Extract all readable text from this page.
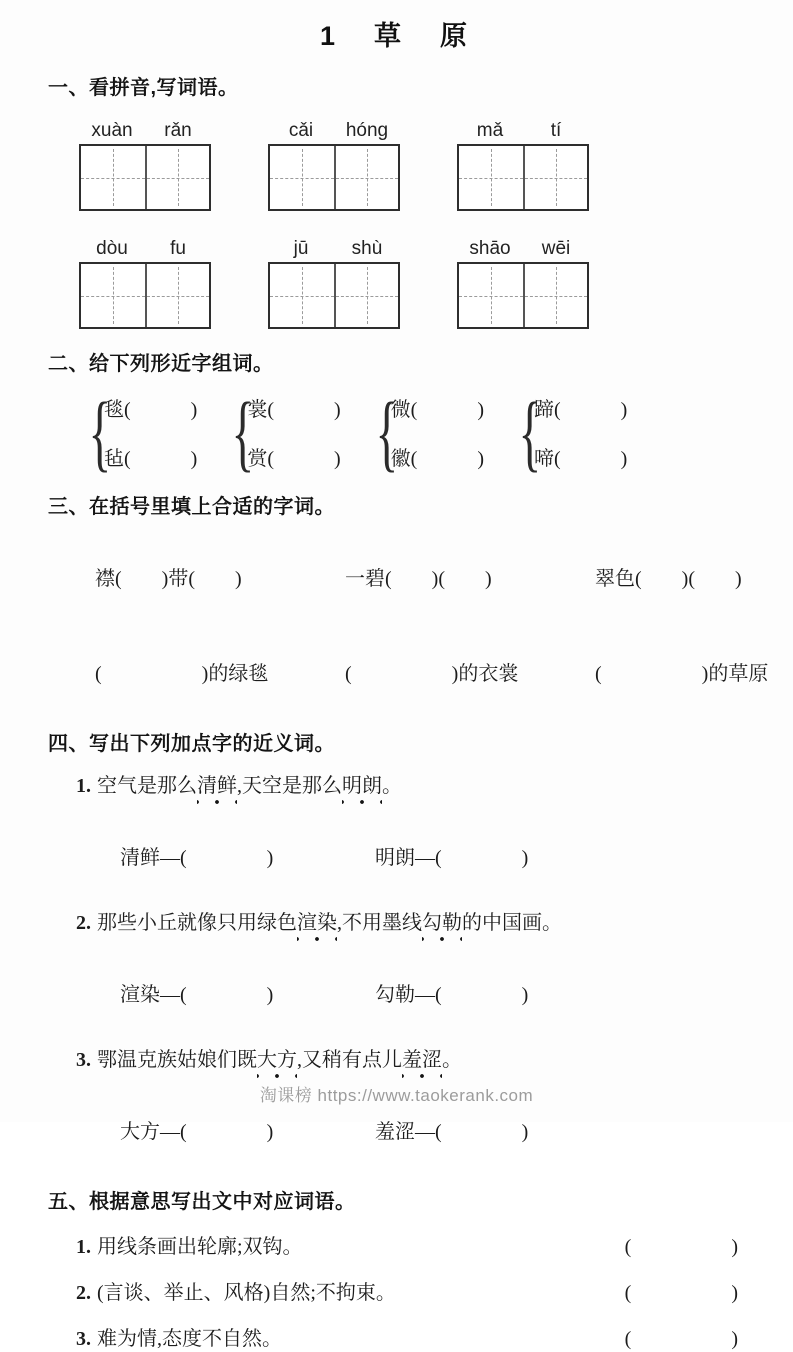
1　草　原
一、看拼音,写词语。
xuàn	rǎn	cǎi	hóng	mǎ	tí
dòu	fu	jū	shù	shāo	wēi
二、给下列形近字组词。
{
毯(　　　)
毡(　　　) {
裳(　　　)
赏(　　　) {
微(　　　)
徽(　　　) {
蹄(　　　)
啼(　　　)
三、在括号里填上合适的字词。

襟(　　)带(　　)	一碧(　　)(　　)	翠色(　　)(　　)

(　　　　　)的绿毯	(　　　　　)的衣裳	(　　　　　)的草原

四、写出下列加点字的近义词。
1. 空气是那么清鲜,天空是那么明朗。

清鲜—(　　　　)	明朗—(　　　　)

2. 那些小丘就像只用绿色渲染,不用墨线勾勒的中国画。

渲染—(　　　　)	勾勒—(　　　　)

3. 鄂温克族姑娘们既大方,又稍有点儿羞涩。

大方—(　　　　)	羞涩—(　　　　)

五、根据意思写出文中对应词语。
1. 用线条画出轮廓;双钩。	(　　　　　)
2. (言谈、举止、风格)自然;不拘束。	(　　　　　)
3. 难为情,态度不自然。	(　　　　　)
淘课榜 https://www.taokerank.com
